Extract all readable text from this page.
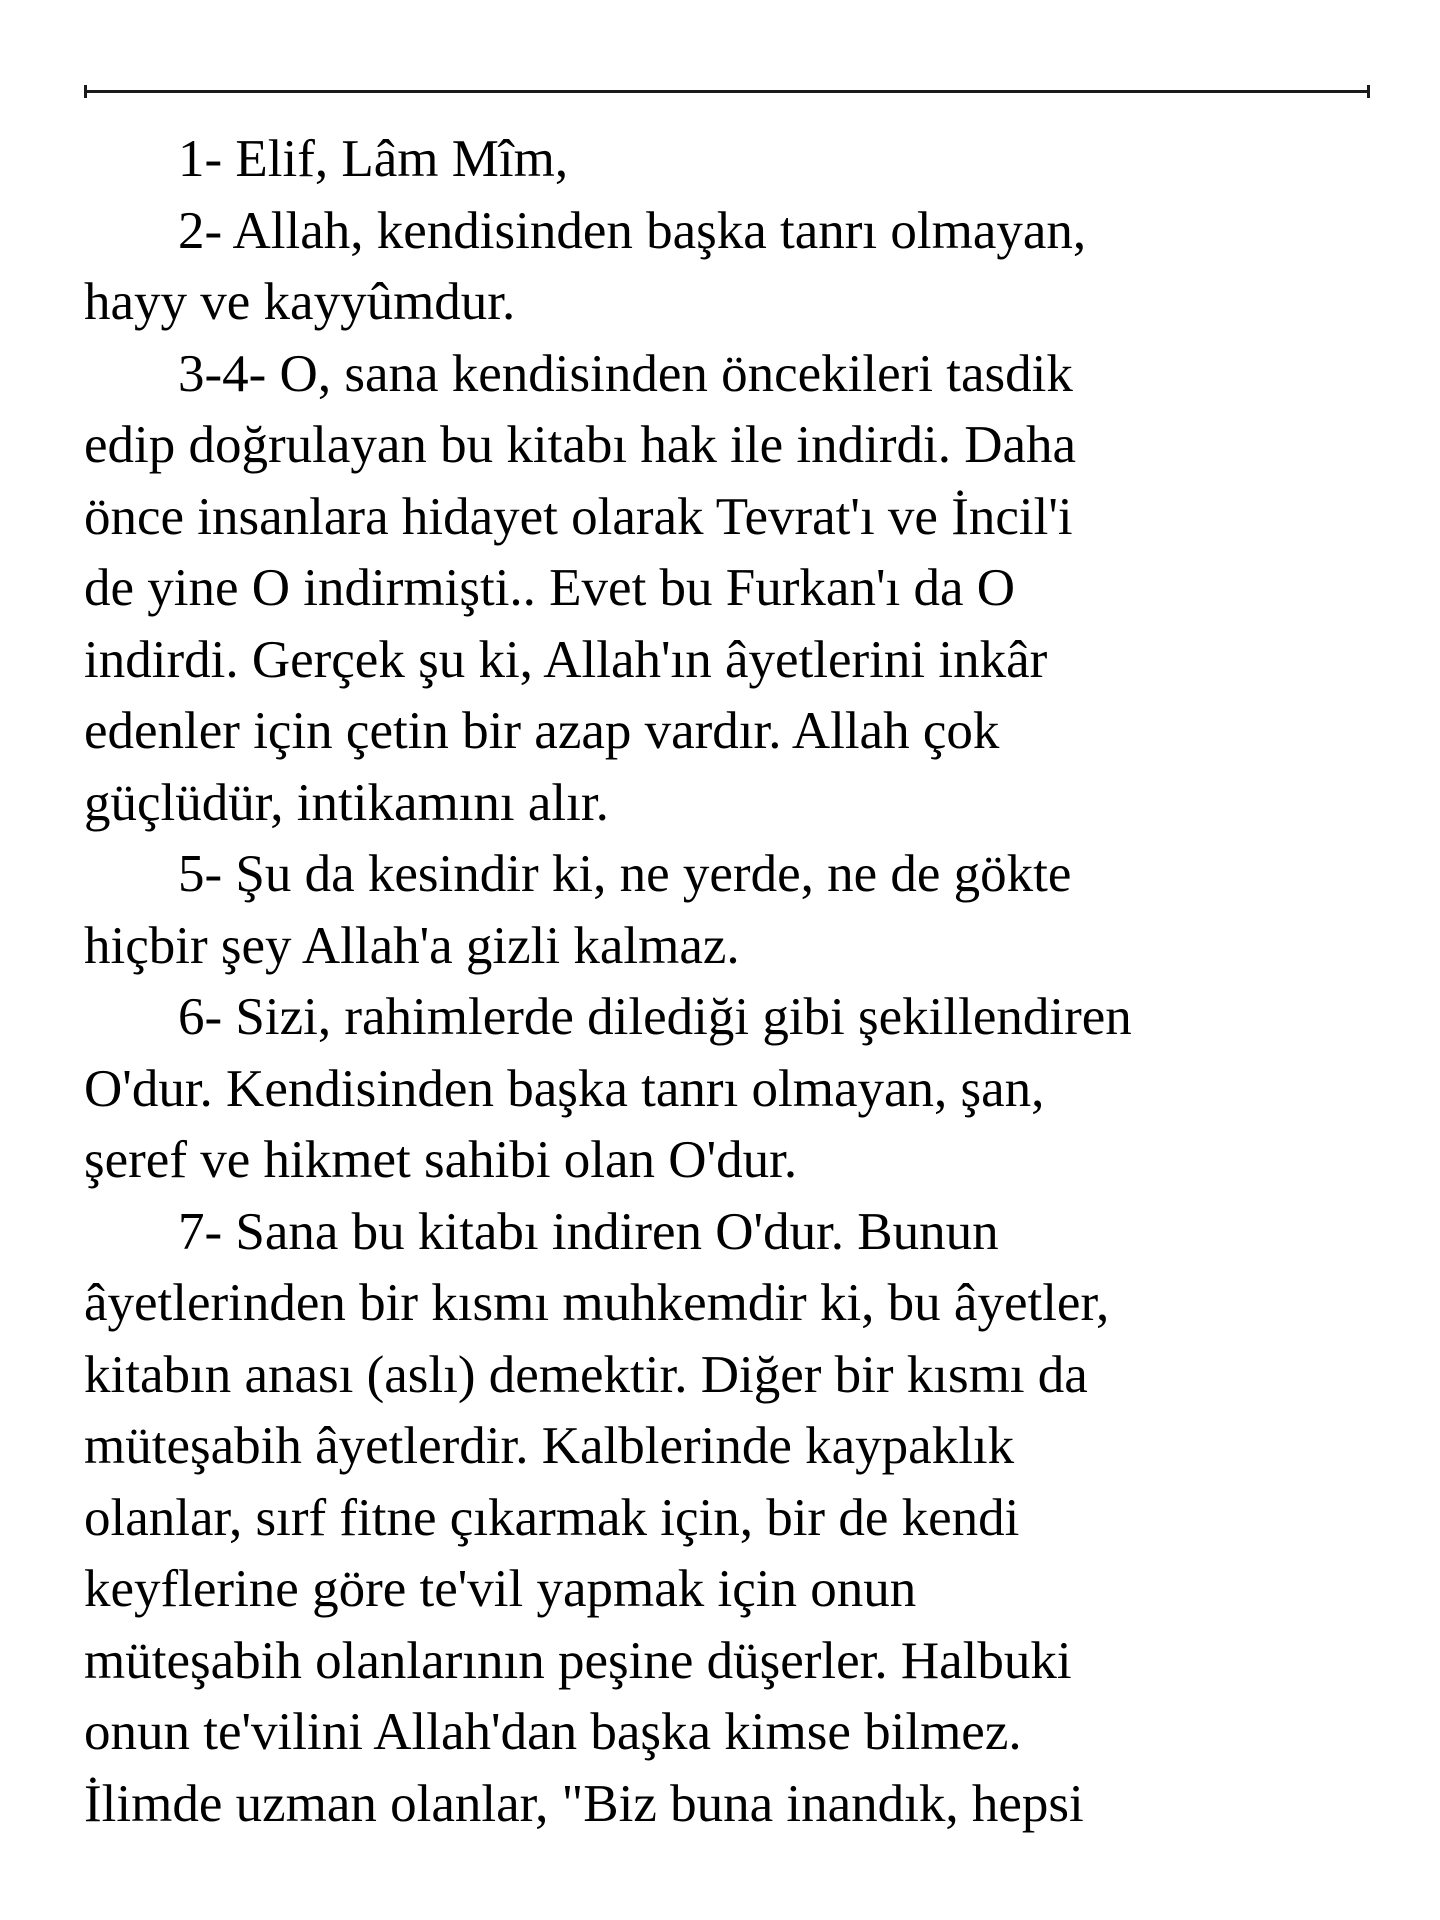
1- Elif, Lâm Mîm,
2- Allah, kendisinden başka tanrı olmayan,
hayy ve kayyûmdur.
3-4- O, sana kendisinden öncekileri tasdik
edip doğrulayan bu kitabı hak ile indirdi. Daha
önce insanlara hidayet olarak Tevrat'ı ve İncil'i
de yine O indirmişti.. Evet bu Furkan'ı da O
indirdi. Gerçek şu ki, Allah'ın âyetlerini inkâr
edenler için çetin bir azap vardır. Allah çok
güçlüdür, intikamını alır.
5- Şu da kesindir ki, ne yerde, ne de gökte
hiçbir şey Allah'a gizli kalmaz.
6- Sizi, rahimlerde dilediği gibi şekillendiren
O'dur. Kendisinden başka tanrı olmayan, şan,
şeref ve hikmet sahibi olan O'dur.
7- Sana bu kitabı indiren O'dur. Bunun
âyetlerinden bir kısmı muhkemdir ki, bu âyetler,
kitabın anası (aslı) demektir. Diğer bir kısmı da
müteşabih âyetlerdir. Kalblerinde kaypaklık
olanlar, sırf fitne çıkarmak için, bir de kendi
keyflerine göre te'vil yapmak için onun
müteşabih olanlarının peşine düşerler. Halbuki
onun te'vilini Allah'dan başka kimse bilmez.
İlimde uzman olanlar, "Biz buna inandık, hepsi
